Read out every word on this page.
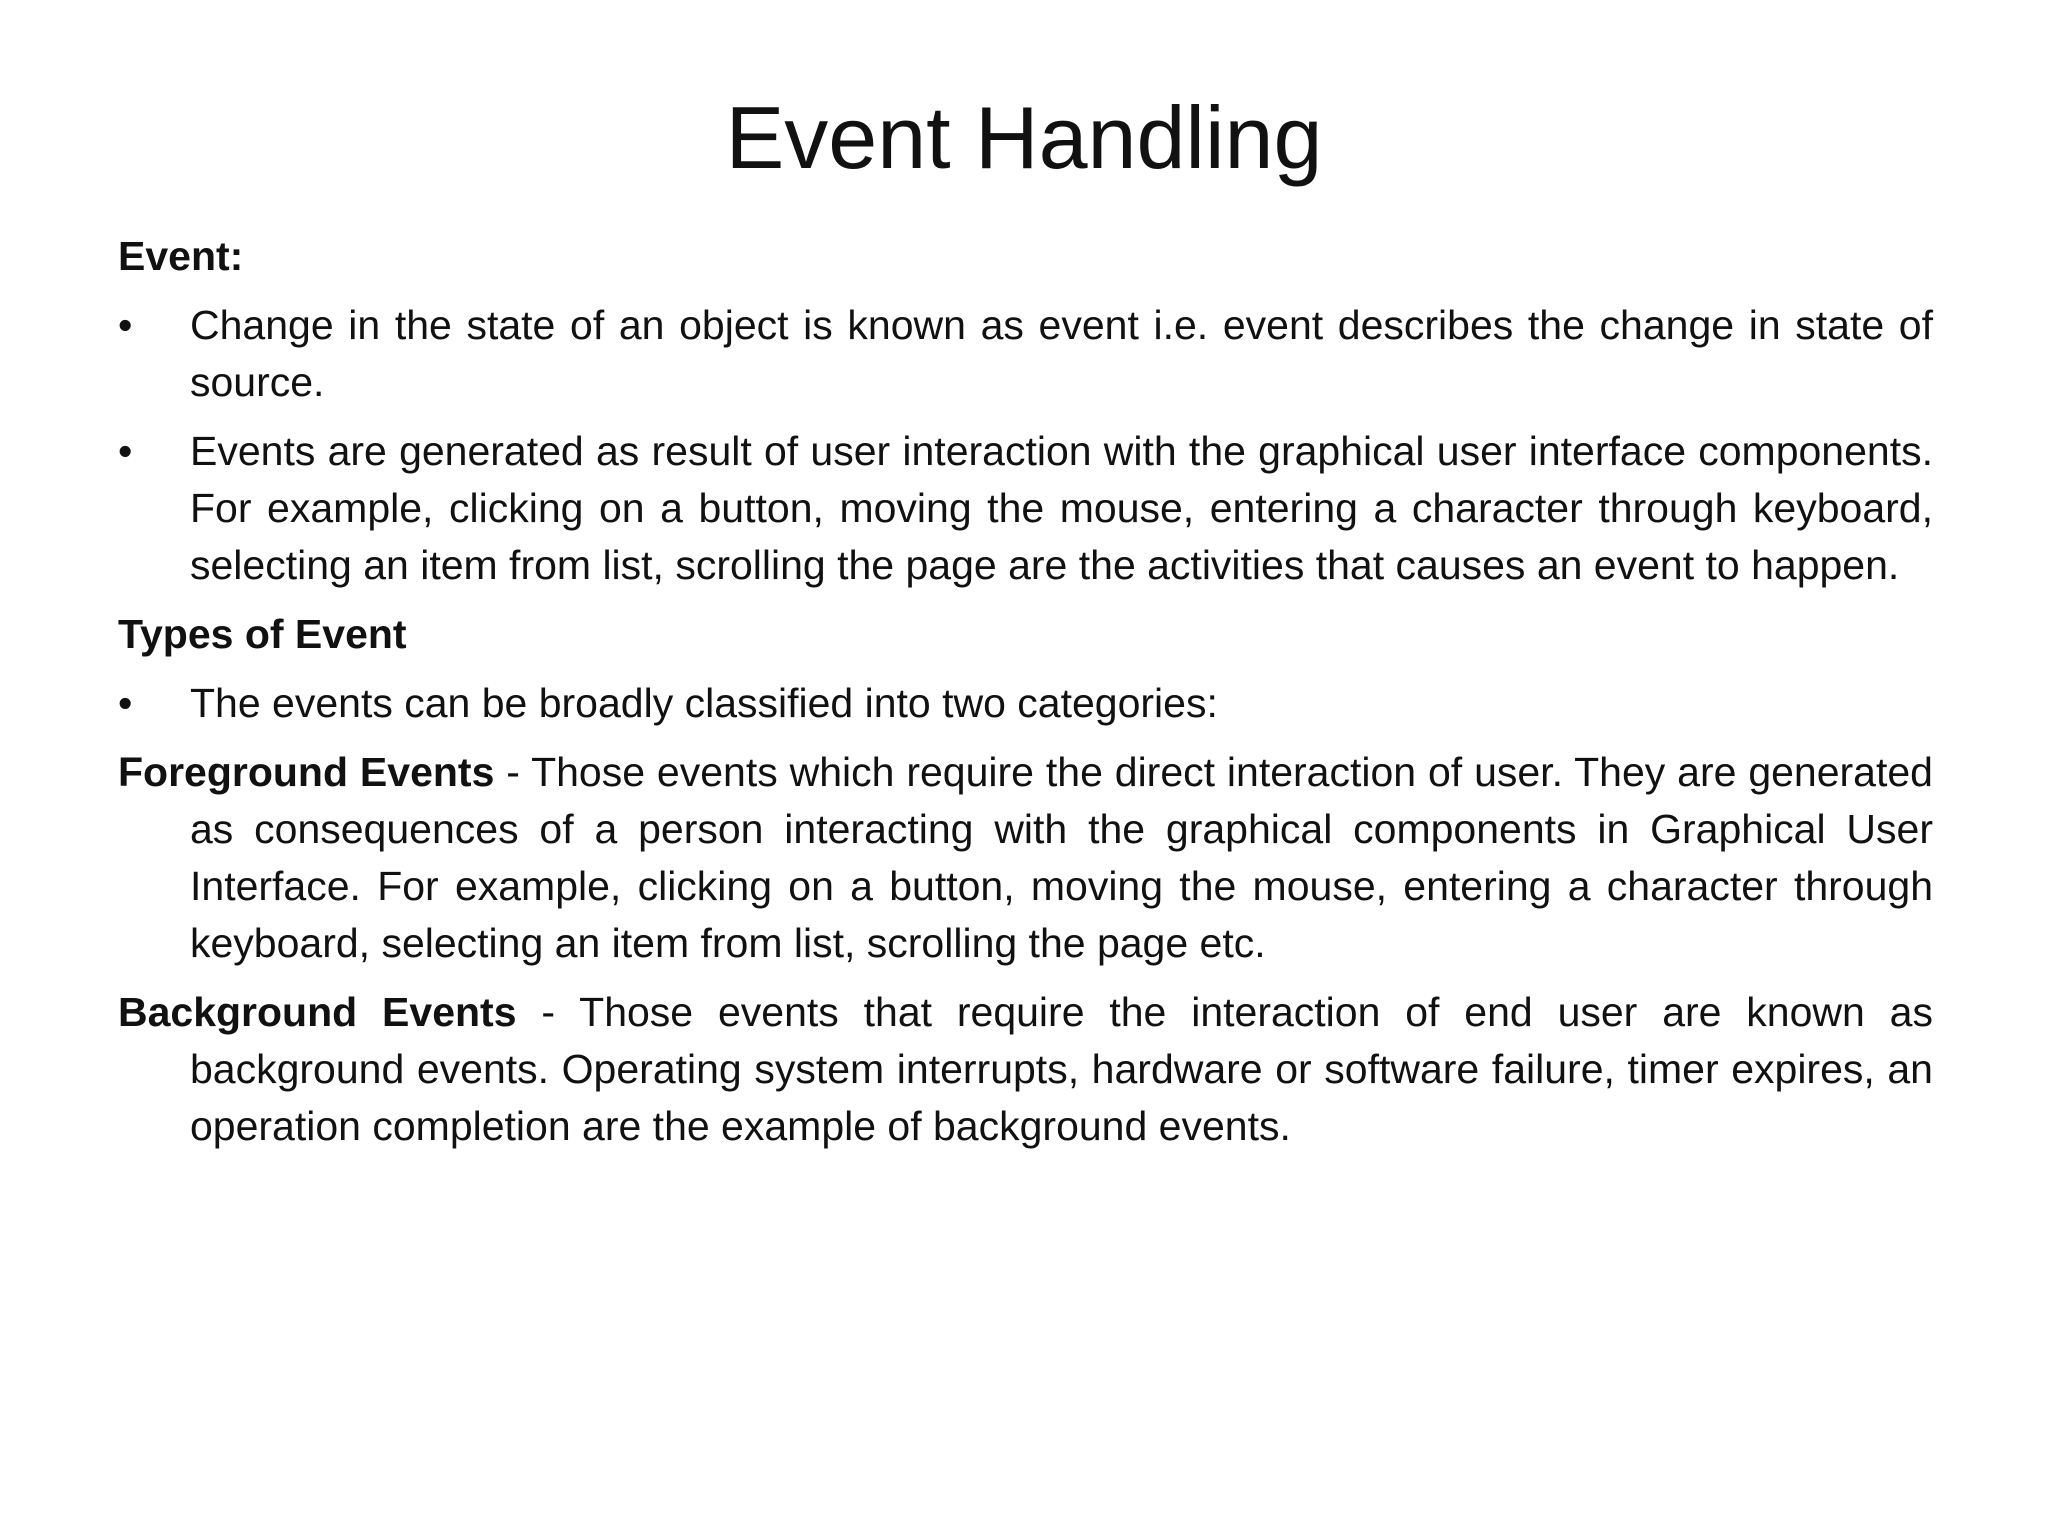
Event Handling
Event:
•	Change in the state of an object is known as event i.e. event describes the change in state of source.
•	Events are generated as result of user interaction with the graphical user interface components. For example, clicking on a button, moving the mouse, entering a character through keyboard, selecting an item from list, scrolling the page are the activities that causes an event to happen.
Types of Event
•	The events can be broadly classified into two categories:
Foreground Events - Those events which require the direct interaction of user. They are generated as consequences of a person interacting with the graphical components in Graphical User Interface. For example, clicking on a button, moving the mouse, entering a character through keyboard, selecting an item from list, scrolling the page etc.
Background Events - Those events that require the interaction of end user are known as background events. Operating system interrupts, hardware or software failure, timer expires, an operation completion are the example of background events.
